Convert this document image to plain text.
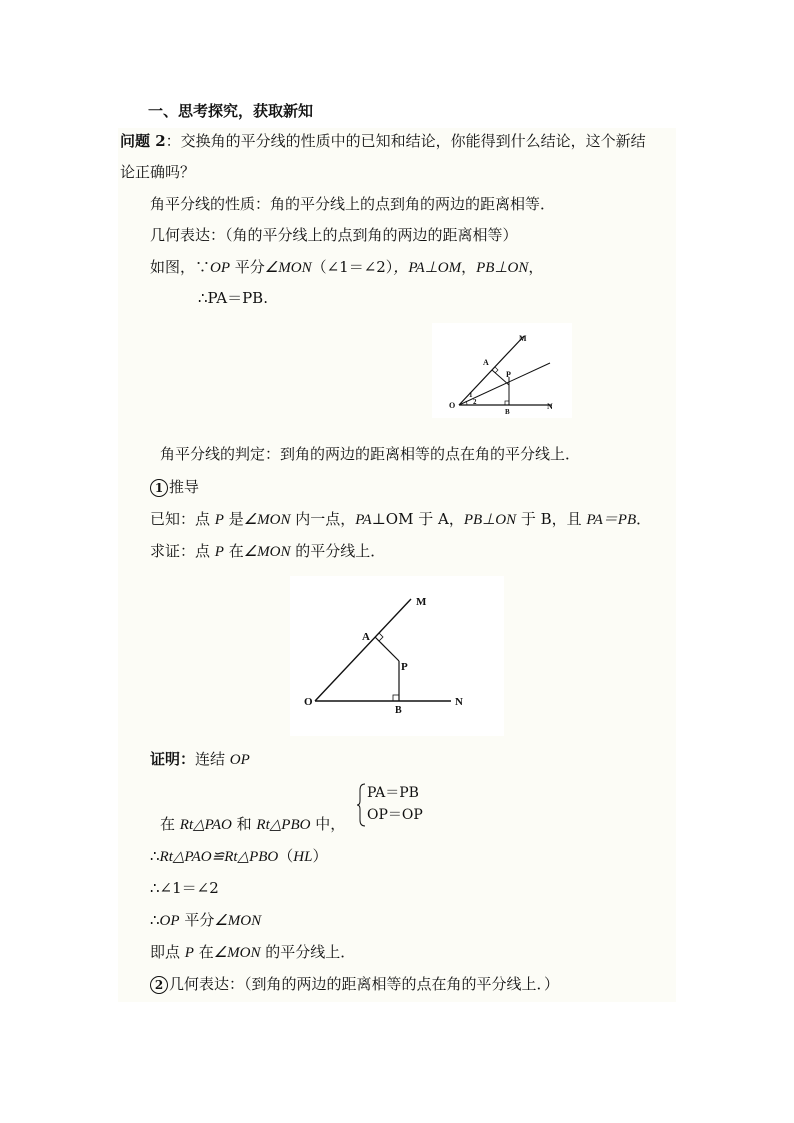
一、思考探究，获取新知
问题 2：交换角的平分线的性质中的已知和结论，你能得到什么结论，这个新结
论正确吗？
角平分线的性质：角的平分线上的点到角的两边的距离相等．
几何表达：（角的平分线上的点到角的两边的距离相等）
如图，∵OP 平分∠MON（∠1＝∠2），PA⊥OM，PB⊥ON，
∴PA＝PB.
M
A
P
O
1
2
B
N
角平分线的判定：到角的两边的距离相等的点在角的平分线上．
1 推导
已知：点 P 是∠MON 内一点，PA⊥OM 于 A，PB⊥ON 于 B，且 PA＝PB．
求证：点 P 在∠MON 的平分线上．
M
A
P
O
B
N
证明：连结 OP
PA＝PB
OP＝OP
在 Rt△PAO 和 Rt△PBO 中，
∴Rt△PAO≌Rt△PBO（HL）
∴∠1＝∠2
∴OP 平分∠MON
即点 P 在∠MON 的平分线上．
2 几何表达：（到角的两边的距离相等的点在角的平分线上．）
